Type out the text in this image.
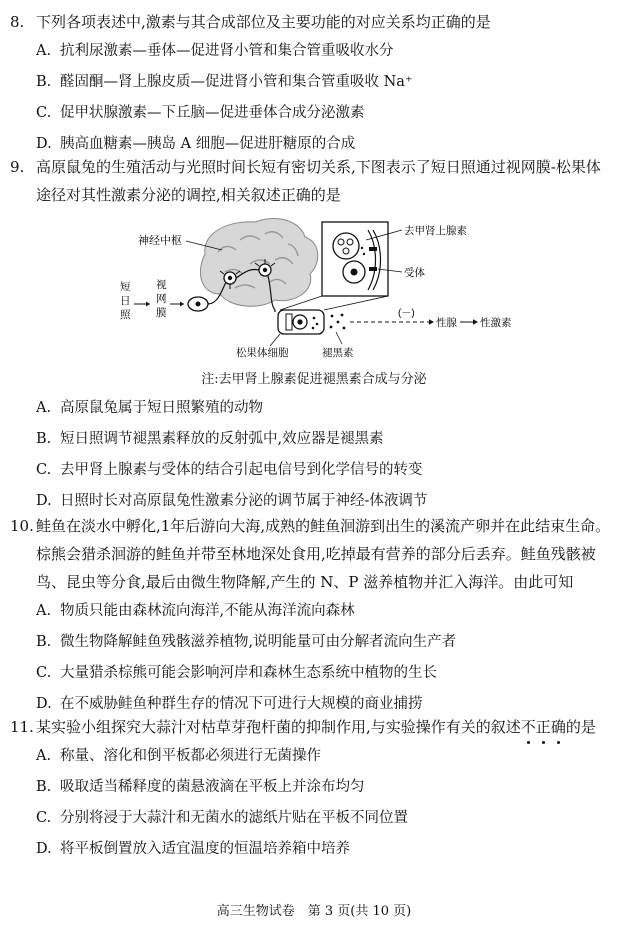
8. 下列各项表述中,激素与其合成部位及主要功能的对应关系均正确的是
A. 抗利尿激素—垂体—促进肾小管和集合管重吸收水分
B. 醛固酮—肾上腺皮质—促进肾小管和集合管重吸收 Na⁺
C. 促甲状腺激素—下丘脑—促进垂体合成分泌激素
D. 胰高血糖素—胰岛 A 细胞—促进肝糖原的合成
9. 高原鼠兔的生殖活动与光照时间长短有密切关系,下图表示了短日照通过视网膜-松果体
途径对其性激素分泌的调控,相关叙述正确的是
神经中枢
短
日
照
视
网
膜
去甲肾上腺素
受体
(－)
性腺 性激素
松果体细胞	褪黑素
注:去甲肾上腺素促进褪黑素合成与分泌
A. 高原鼠兔属于短日照繁殖的动物
B. 短日照调节褪黑素释放的反射弧中,效应器是褪黑素
C. 去甲肾上腺素与受体的结合引起电信号到化学信号的转变
D. 日照时长对高原鼠兔性激素分泌的调节属于神经-体液调节
10. 鲑鱼在淡水中孵化,1年后游向大海,成熟的鲑鱼洄游到出生的溪流产卵并在此结束生命。
棕熊会猎杀洄游的鲑鱼并带至林地深处食用,吃掉最有营养的部分后丢弃。鲑鱼残骸被
鸟、昆虫等分食,最后由微生物降解,产生的 N、P 滋养植物并汇入海洋。由此可知
A. 物质只能由森林流向海洋,不能从海洋流向森林
B. 微生物降解鲑鱼残骸滋养植物,说明能量可由分解者流向生产者
C. 大量猎杀棕熊可能会影响河岸和森林生态系统中植物的生长
D. 在不威胁鲑鱼种群生存的情况下可进行大规模的商业捕捞
11. 某实验小组探究大蒜汁对枯草芽孢杆菌的抑制作用,与实验操作有关的叙述不正确的是
A. 称量、溶化和倒平板都必须进行无菌操作
B. 吸取适当稀释度的菌悬液滴在平板上并涂布均匀
C. 分别将浸于大蒜汁和无菌水的滤纸片贴在平板不同位置
D. 将平板倒置放入适宜温度的恒温培养箱中培养
高三生物试卷　第 3 页(共 10 页)
